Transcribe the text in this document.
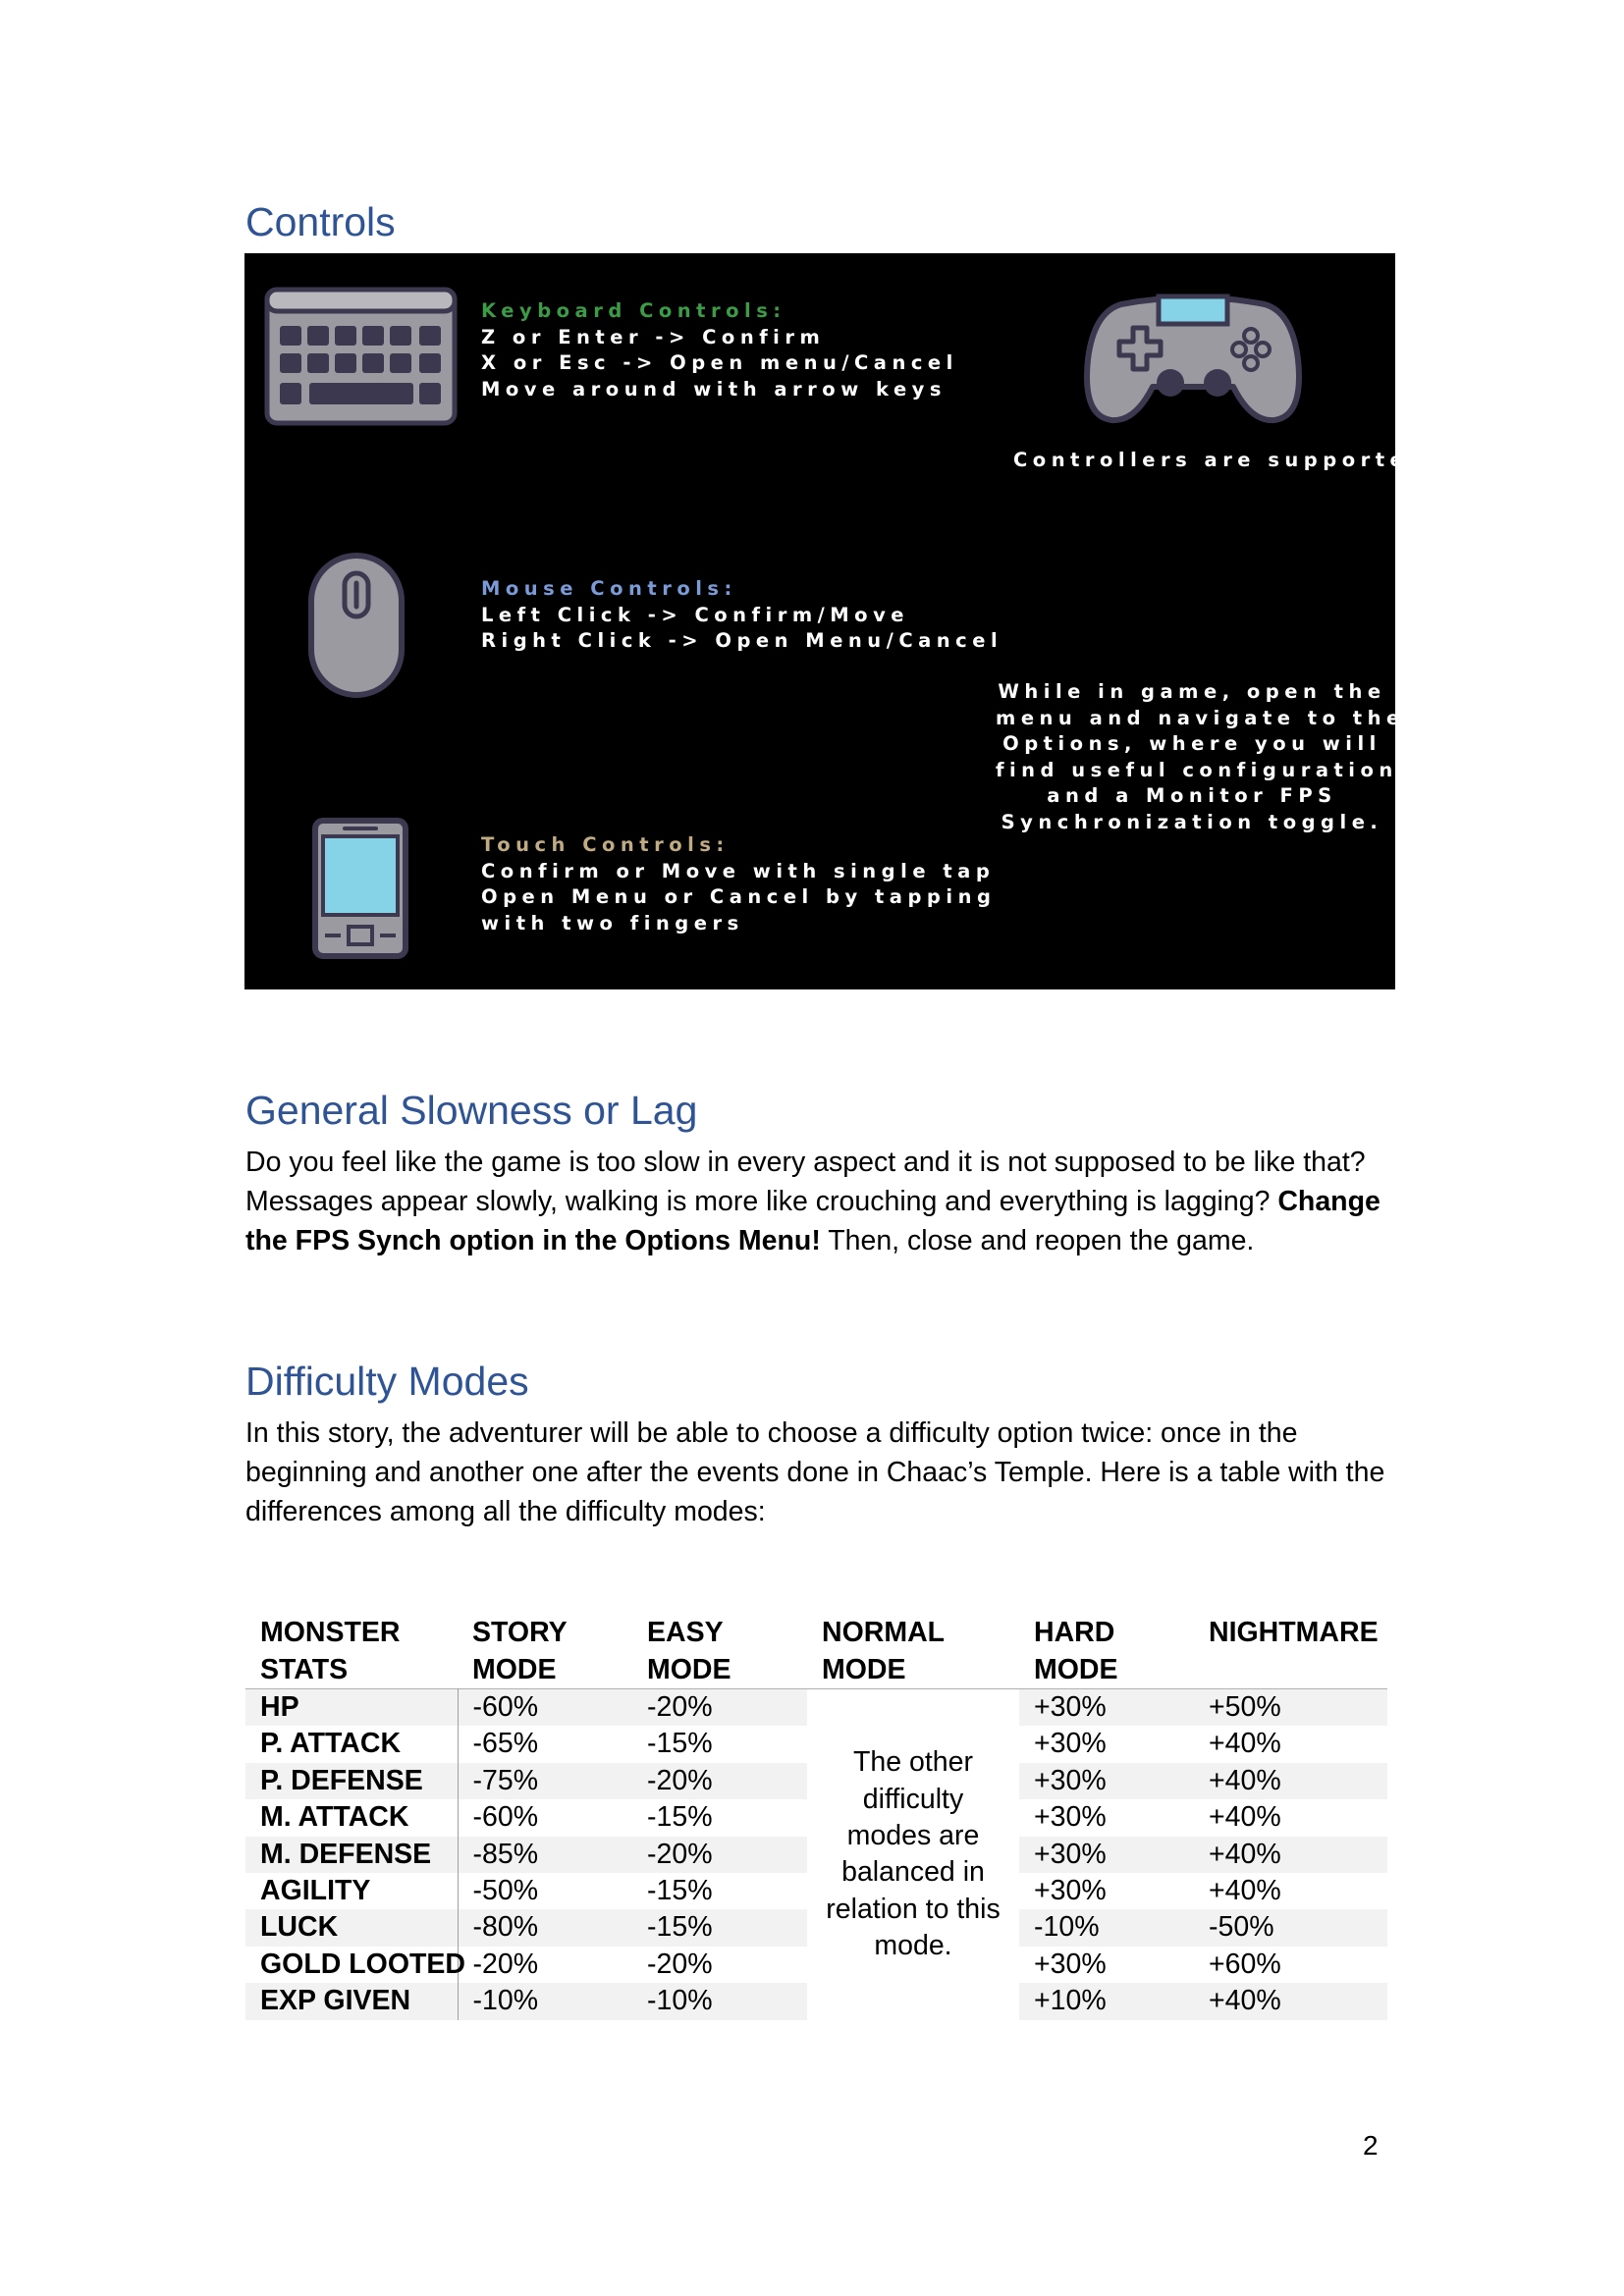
Controls
Keyboard Controls:
Z or Enter -> Confirm
X or Esc -> Open menu/Cancel
Move around with arrow keys
Controllers are supported.
Mouse Controls:
Left Click -> Confirm/Move
Right Click -> Open Menu/Cancel
While in game, open the
menu and navigate to the
Options, where you will
find useful configurations
and a Monitor FPS
Synchronization toggle.
Touch Controls:
Confirm or Move with single tap
Open Menu or Cancel by tapping
with two fingers
General Slowness or Lag

Do you feel like the game is too slow in every aspect and it is not supposed to be like that? Messages appear slowly, walking is more like crouching and everything is lagging? Change the FPS Synch option in the Options Menu! Then, close and reopen the game.

Difficulty Modes

In this story, the adventurer will be able to choose a difficulty option twice: once in the beginning and another one after the events done in Chaac’s Temple. Here is a table with the differences among all the difficulty modes:

MONSTER STATS	STORY MODE	EASY MODE	NORMAL MODE	HARD MODE	NIGHTMARE
HP	-60%	-20%	The other difficulty modes are balanced in relation to this mode.	+30%	+50%
P. ATTACK	-65%	-15%		+30%	+40%
P. DEFENSE	-75%	-20%		+30%	+40%
M. ATTACK	-60%	-15%		+30%	+40%
M. DEFENSE	-85%	-20%		+30%	+40%
AGILITY	-50%	-15%		+30%	+40%
LUCK	-80%	-15%		-10%	-50%
GOLD LOOTED	-20%	-20%		+30%	+60%
EXP GIVEN	-10%	-10%		+10%	+40%
2
